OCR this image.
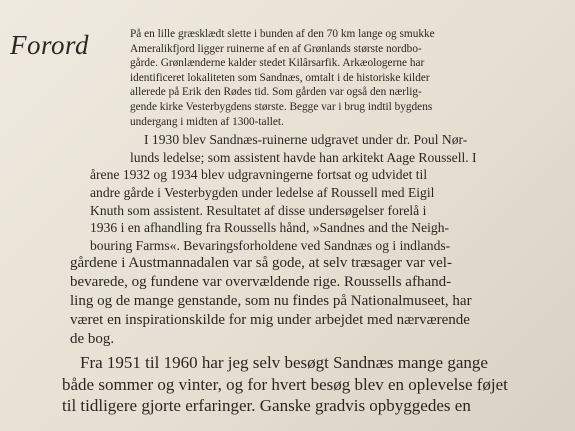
Forord	På en lille græsklædt slette i bunden af den 70 km lange og smukke
Ameralikfjord ligger ruinerne af en af Grønlands største nordbo-
gårde. Grønlænderne kalder stedet Kilârsarfik. Arkæologerne har
identificeret lokaliteten som Sandnæs, omtalt i de historiske kilder
allerede på Erik den Rødes tid. Som gården var også den nærlig-
gende kirke Vesterbygdens største. Begge var i brug indtil bygdens
undergang i midten af 1300-tallet.
I 1930 blev Sandnæs-ruinerne udgravet under dr. Poul Nør-
lunds ledelse; som assistent havde han arkitekt Aage Roussell. I
årene 1932 og 1934 blev udgravningerne fortsat og udvidet til
andre gårde i Vesterbygden under ledelse af Roussell med Eigil
Knuth som assistent. Resultatet af disse undersøgelser forelå i
1936 i en afhandling fra Roussells hånd, »Sandnes and the Neigh-
bouring Farms«. Bevaringsforholdene ved Sandnæs og i indlands-
gårdene i Austmannadalen var så gode, at selv træsager var vel-
bevarede, og fundene var overvældende rige. Roussells afhand-
ling og de mange genstande, som nu findes på Nationalmuseet, har
været en inspirationskilde for mig under arbejdet med nærværende
de bog.
Fra 1951 til 1960 har jeg selv besøgt Sandnæs mange gange
både sommer og vinter, og for hvert besøg blev en oplevelse føjet
til tidligere gjorte erfaringer. Ganske gradvis opbyggedes en
